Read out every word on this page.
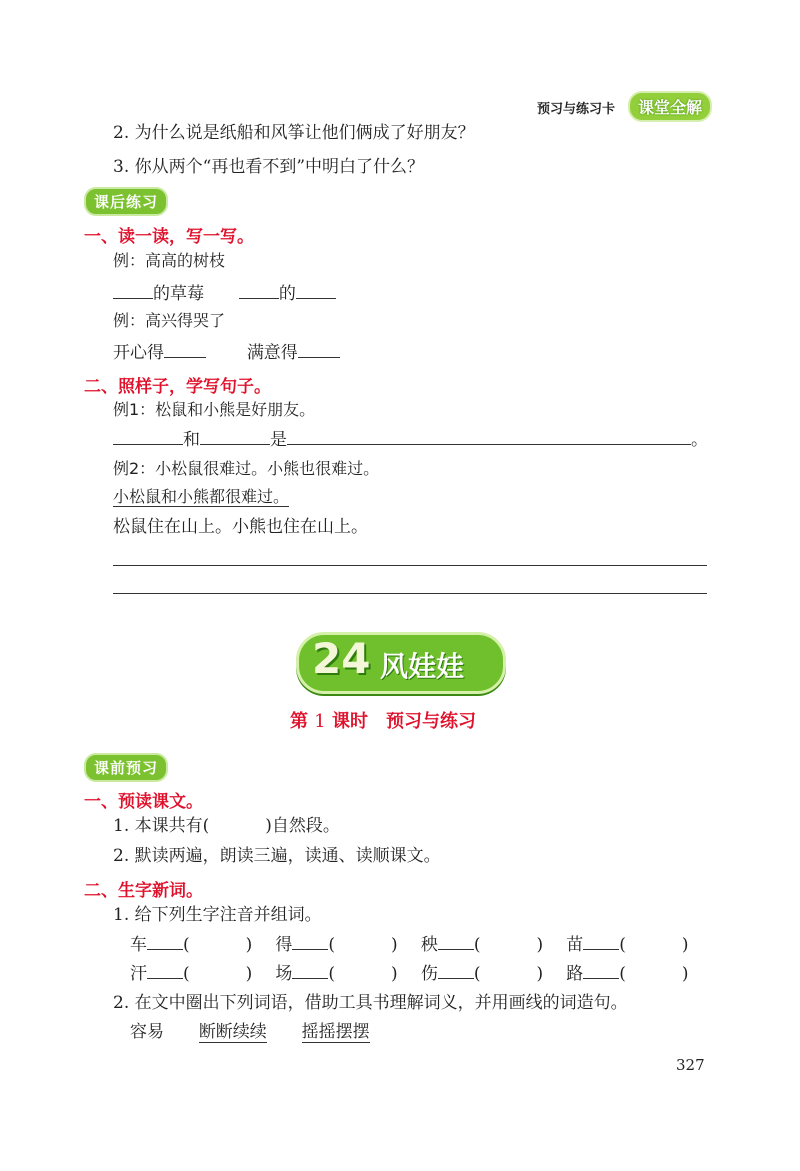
预习与练习卡	课堂全解
2. 为什么说是纸船和风筝让他们俩成了好朋友？
3. 你从两个“再也看不到”中明白了什么？
课后练习
一、读一读，写一写。
例：高高的树枝
的草莓	的
例：高兴得哭了
开心得	满意得
二、照样子，学写句子。
例1：松鼠和小熊是好朋友。
和	是	。
例2：小松鼠很难过。小熊也很难过。
小松鼠和小熊都很难过。
松鼠住在山上。小熊也住在山上。
24 风娃娃
第 1 课时　预习与练习
课前预习
一、预读课文。
1. 本课共有(	)自然段。
2. 默读两遍，朗读三遍，读通、读顺课文。
二、生字新词。
1. 给下列生字注音并组词。
车 (	) 得 (	) 秧 (	) 苗 (	)
汗 (	) 场 (	) 伤 (	) 路 (	)
2. 在文中圈出下列词语，借助工具书理解词义，并用画线的词造句。
容易 断断续续 摇摇摆摆
327
